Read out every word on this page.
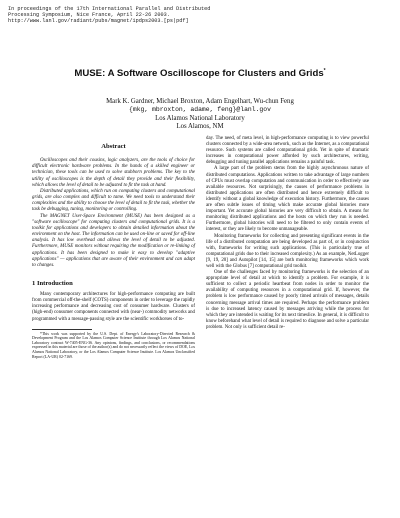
In proceedings of the 17th International Parallel and Distributed
Processing Symposium, Nice France, April 22-26 2003.
http://www.lanl.gov/radiant/pubs/magnet/ipdps2003.[ps|pdf]
MUSE: A Software Oscilloscope for Clusters and Grids*
Mark K. Gardner, Michael Broxton, Adam Engelhart, Wu-chun Feng
{mkg, mbroxton, adame, feng}@lanl.gov
Los Alamos National Laboratory
Los Alamos, NM
Abstract

Oscilloscopes and their cousins, logic analyzers, are the tools of choice for difficult electronic hardware problems. In the hands of a skilled engineer or technician, these tools can be used to solve stubborn problems. The key to the utility of oscilloscopes is the depth of detail they provide and their flexibility, which allows the level of detail to be adjusted to fit the task at hand.

Distributed applications, which run on computing clusters and computational grids, are also complex and difficult to tame. We need tools to understand their complexities and the ability to choose the level of detail to fit the task, whether the task be debugging, tuning, monitoring or controlling.

The MAGNET User-Space Environment (MUSE) has been designed as a "software oscilloscope" for computing clusters and computational grids. It is a toolkit for applications and developers to obtain detailed information about the environment on the host. The information can be used on-line or saved for off-line analysis. It has low overhead and allows the level of detail to be adjusted. Furthermore, MUSE monitors without requiring the modification or re-linking of applications. It has been designed to make it easy to develop "adaptive applications" — applications that are aware of their environment and can adapt to changes.

1 Introduction

Many contemporary architectures for high-performance computing are built from commercial off-the-shelf (COTS) components in order to leverage the rapidly increasing performance and decreasing cost of consumer hardware. Clusters of (high-end) consumer components connected with (near-) commodity networks and programmed with a message-passing style are the scientific workhorses of to-

*This work was supported by the U.S. Dept. of Energy's Laboratory-Directed Research & Development Program and the Los Alamos Computer Science Institute through Los Alamos National Laboratory contract W-7405-ENG-36. Any opinions, findings, and conclusions, or recommendations expressed in this material are those of the author(s) and do not necessarily reflect the views of DOE, Los Alamos National Laboratory, or the Los Alamos Computer Science Institute. Los Alamos Unclassified Report (LA-UR) 02-7169.

day. The need, of meta level, in high-performance computing is to view powerful clusters connected by a wide-area network, such as the Internet, as a computational resource. Such systems are called computational grids. Yet in spite of dramatic increases in computational power afforded by such architectures, writing, debugging and tuning parallel applications remains a painful task.

A large part of the problem stems from the highly asynchronous nature of distributed computations. Applications written to take advantage of large numbers of CPUs must overlap computation and communication in order to effectively use available resources. Not surprisingly, the causes of performance problems in distributed applications are often distributed and hence extremely difficult to identify without a global knowledge of execution history. Furthermore, the causes are often subtle issues of timing which make accurate global histories more important. Yet accurate global histories are very difficult to obtain. A means for monitoring distributed applications and the hosts on which they run is needed. Furthermore, global histories will need to be filtered to only contain events of interest, or they are likely to become unmanageable.

Monitoring frameworks for collecting and presenting significant events in the life of a distributed computation are being developed as part of, or in conjunction with, frameworks for writing such applications. (This is particularly true of computational grids due to their increased complexity.) As an example, NetLogger [9, 19, 20] and Autopilot [14, 15] are both monitoring frameworks which work well with the Globus [7] computational grid toolkit.

One of the challenges faced by monitoring frameworks is the selection of an appropriate level of detail at which to identify a problem. For example, it is sufficient to collect a periodic heartbeat from nodes in order to monitor the availability of computing resources in a computational grid. If, however, the problem is low performance caused by poorly timed arrivals of messages, details concerning message arrival times are required. Perhaps the performance problem is due to increased latency caused by messages arriving while the process for which they are intended is waiting for its next timeslice. In general, it is difficult to know beforehand what level of detail is required to diagnose and solve a particular problem. Not only is sufficient detail re-
